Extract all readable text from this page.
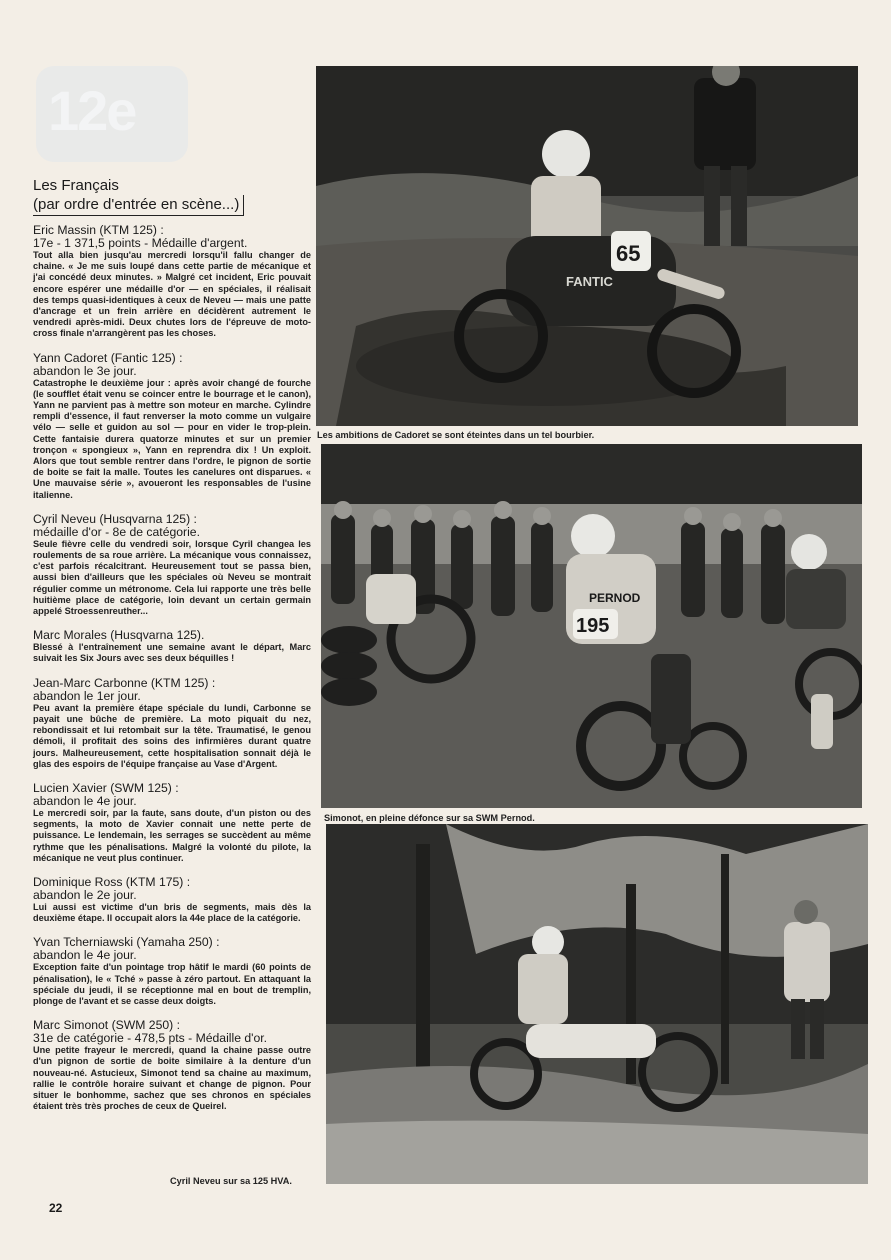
12e
Les Français
(par ordre d'entrée en scène...)
Eric Massin (KTM 125) :
17e - 1 371,5 points - Médaille d'argent.
Tout alla bien jusqu'au mercredi lorsqu'il fallu changer de chaine. « Je me suis loupé dans cette partie de mécanique et j'ai concédé deux minutes. » Malgré cet incident, Eric pouvait encore espérer une médaille d'or — en spéciales, il réalisait des temps quasi-identiques à ceux de Neveu — mais une patte d'ancrage et un frein arrière en décidèrent autrement le vendredi après-midi. Deux chutes lors de l'épreuve de moto-cross finale n'arrangèrent pas les choses.
Yann Cadoret (Fantic 125) :
abandon le 3e jour.
Catastrophe le deuxième jour : après avoir changé de fourche (le soufflet était venu se coincer entre le bourrage et le canon), Yann ne parvient pas à mettre son moteur en marche. Cylindre rempli d'essence, il faut renverser la moto comme un vulgaire vélo — selle et guidon au sol — pour en vider le trop-plein. Cette fantaisie durera quatorze minutes et sur un premier tronçon « spongieux », Yann en reprendra dix ! Un exploit. Alors que tout semble rentrer dans l'ordre, le pignon de sortie de boite se fait la malle. Toutes les canelures ont disparues. « Une mauvaise série », avoueront les responsables de l'usine italienne.
Cyril Neveu (Husqvarna 125) :
médaille d'or - 8e de catégorie.
Seule fièvre celle du vendredi soir, lorsque Cyril changea les roulements de sa roue arrière. La mécanique vous connaissez, c'est parfois récalcitrant. Heureusement tout se passa bien, aussi bien d'ailleurs que les spéciales où Neveu se montrait régulier comme un métronome. Cela lui rapporte une très belle huitième place de catégorie, loin devant un certain germain appelé Stroessenreuther...
Marc Morales (Husqvarna 125).
Blessé à l'entraînement une semaine avant le départ, Marc suivait les Six Jours avec ses deux béquilles !
Jean-Marc Carbonne (KTM 125) :
abandon le 1er jour.
Peu avant la première étape spéciale du lundi, Carbonne se payait une bûche de première. La moto piquait du nez, rebondissait et lui retombait sur la tête. Traumatisé, le genou démoli, il profitait des soins des infirmières durant quatre jours. Malheureusement, cette hospitalisation sonnait déjà le glas des espoirs de l'équipe française au Vase d'Argent.
Lucien Xavier (SWM 125) :
abandon le 4e jour.
Le mercredi soir, par la faute, sans doute, d'un piston ou des segments, la moto de Xavier connait une nette perte de puissance. Le lendemain, les serrages se succèdent au même rythme que les pénalisations. Malgré la volonté du pilote, la mécanique ne veut plus continuer.
Dominique Ross (KTM 175) :
abandon le 2e jour.
Lui aussi est victime d'un bris de segments, mais dès la deuxième étape. Il occupait alors la 44e place de la catégorie.
Yvan Tcherniawski (Yamaha 250) :
abandon le 4e jour.
Exception faite d'un pointage trop hâtif le mardi (60 points de pénalisation), le « Tché » passe à zéro partout. En attaquant la spéciale du jeudi, il se réceptionne mal en bout de tremplin, plonge de l'avant et se casse deux doigts.
Marc Simonot (SWM 250) :
31e de catégorie - 478,5 pts - Médaille d'or.
Une petite frayeur le mercredi, quand la chaine passe outre d'un pignon de sortie de boite similaire à la denture d'un nouveau-né. Astucieux, Simonot tend sa chaine au maximum, rallie le contrôle horaire suivant et change de pignon. Pour situer le bonhomme, sachez que ses chronos en spéciales étaient très très proches de ceux de Queirel.
65
FANTIC
Les ambitions de Cadoret se sont éteintes dans un tel bourbier.
PERNOD
195
Simonot, en pleine défonce sur sa SWM Pernod.
Cyril Neveu sur sa 125 HVA.
22
